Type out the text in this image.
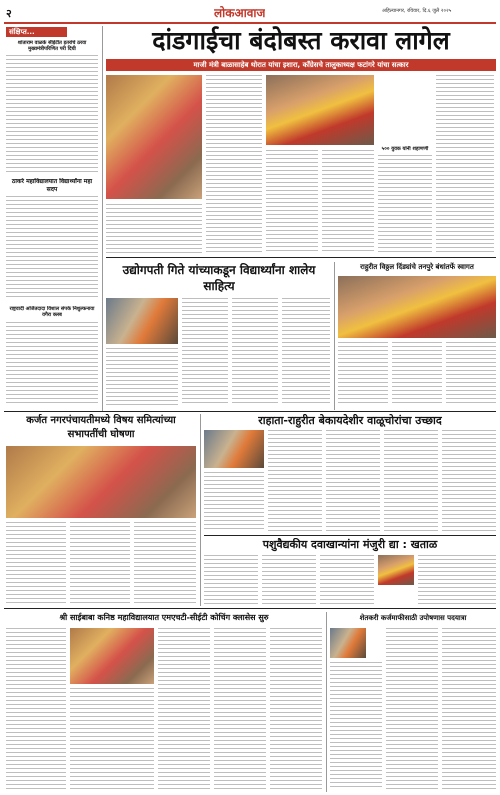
२	लोकआवाज	अहिल्यानगर, रविवार, दि.६ जुलै २०२५
संक्षिप्त...
शांताराम वाळके सीईटीत इतरांचे ठरवा मुख्यमंत्रीपरिणित परी दिघी
ठाकरे महाविद्यालयात विद्यार्थ्यांना महा सदप
राष्ट्रवादी अजितदादा विशाल संपर्क निशुल्कनावा वगैरा क्लब
दांडगाईचा बंदोबस्त करावा लागेल
माजी मंत्री बाळासाहेब थोरात यांचा इशारा, काँग्रेसचे तालुकाध्यक्ष फटांगरे यांचा सत्कार
५०० युवक यांनी शहाणणी
उद्योगपती गिते यांच्याकडून विद्यार्थ्यांना शालेय साहित्य
राहुरीत विठ्ठल दिंड्यांचे तनपुरे बंधांतर्फे स्वागत
कर्जत नगरपंचायतीमध्ये विषय समित्यांच्या सभापतींची घोषणा
राहाता-राहुरीत बेकायदेशीर वाळूचोरांचा उच्छाद
पशुवैद्यकीय दवाखान्यांना मंजुरी द्या : खताळ
श्री साईबाबा कनिष्ठ महाविद्यालयात एमएचटी-सीईटी कोचिंग क्लासेस सुरु	शेतकरी कर्जमाफीसाठी उपोषणास पदयात्रा
